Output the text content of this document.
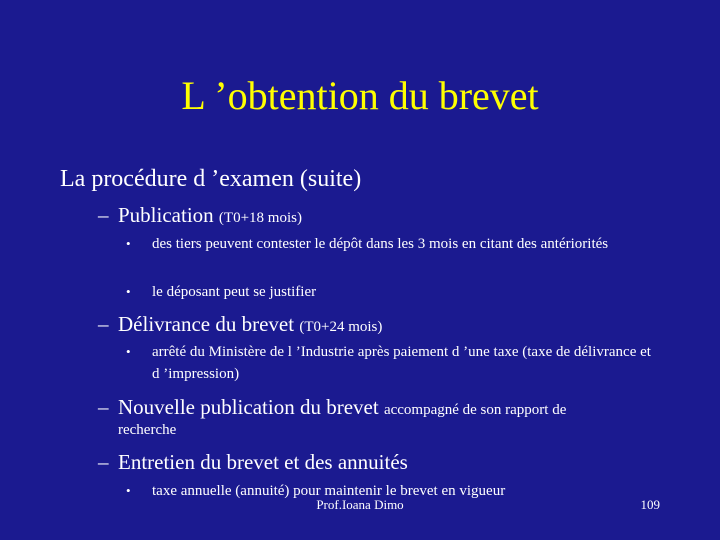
L ’obtention du brevet
La procédure d ’examen (suite)
– Publication (T0+18 mois)
•	des tiers peuvent contester le dépôt dans les 3 mois en citant des antériorités
•	le déposant peut se justifier
– Délivrance du brevet (T0+24 mois)
•	arrêté du Ministère de l ’Industrie après paiement d ’une taxe (taxe de délivrance et d ’impression)
– Nouvelle publication du brevet accompagné de son rapport de
recherche
– Entretien du brevet et des annuités
•	taxe annuelle (annuité) pour maintenir le brevet en vigueur
Prof.Ioana Dimo	109
